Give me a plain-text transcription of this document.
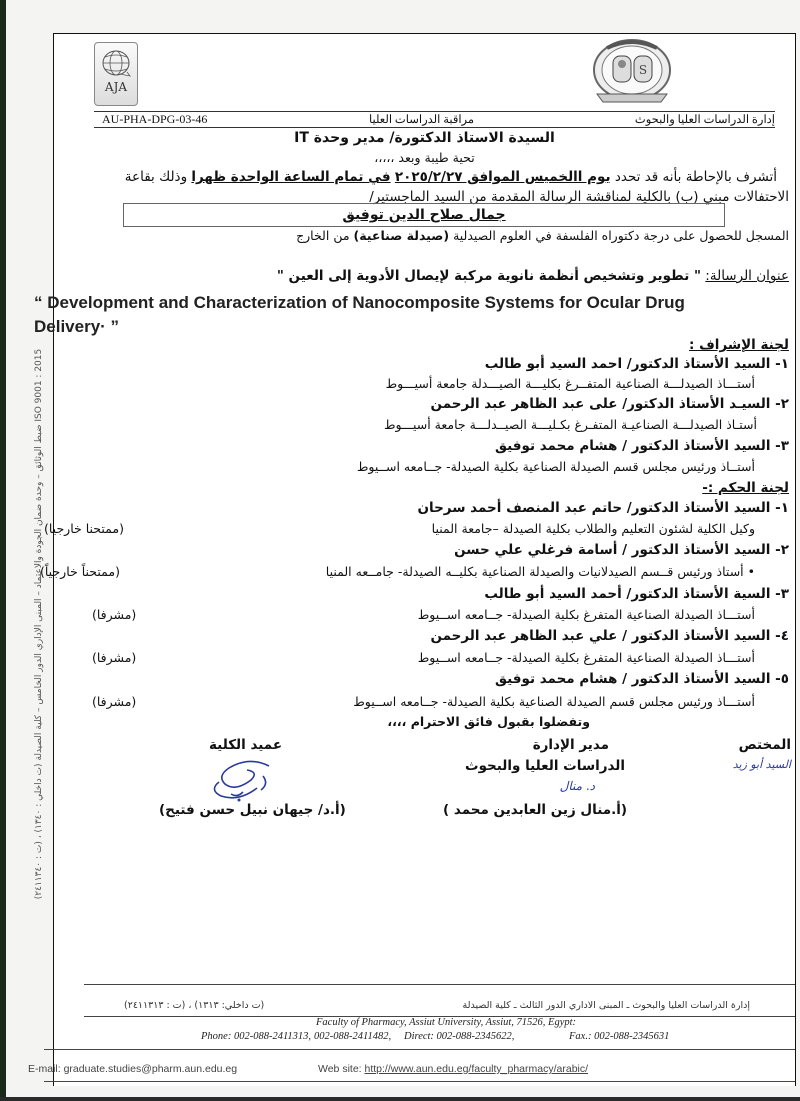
AJA
S
AU-PHA-DPG-03-46	مراقبة الدراسات العليا	إدارة الدراسات العليا والبحوث
السيدة الاستاذ الدكتورة/ مدير وحدة IT
تحية طيبة وبعد ،،،،،
أتشرف بالإحاطة بأنه قد تحدد يوم االخميس الموافق ٢٠٢٥/٢/٢٧ في تمام الساعة الواحدة ظهرا وذلك بقاعة
الاحتفالات مبني (ب) بالكلية لمناقشة الرسالة المقدمة من السيد الماجستير/
جمال صلاح الدين توفيق
المسجل للحصول على درجة دكتوراه الفلسفة في العلوم الصيدلية (صيدلة صناعية) من الخارج
عنوان الرسالة: " تطوير وتشخيص أنظمة نانوية مركبة لإيصال الأدوية إلى العين "
“ Development and Characterization of Nanocomposite Systems for Ocular Drug
Delivery· ”
لجنة الإشراف :
١- السيد الأستاذ الدكتور/ احمد السيد أبو طالب
أستـــاذ الصيدلـــة الصناعية المتفــرغ بكليـــة الصيـــدلة جامعة أسيـــوط
٢- السيـد الأستاذ الدكتور/ على عبد الظاهر عبد الرحمن
أستـاذ الصيدلـــة الصناعيـة المتفـرغ بكـليـــة الصيــدلـــة جامعة أسيـــوط
٣- السيد الأستاذ الدكتور / هشام محمد توفيق
أستــاذ ورئيس مجلس قسم الصيدلة الصناعية بكلية الصيدلة- جــامعه اســيوط
لجنة الحكم :-
١- السيد الأستاذ الدكتور/ حاتم عبد المنصف أحمد سرحان
وكيل الكلية لشئون التعليم والطلاب بكلية الصيدلة –جامعة المنيا
(ممتحنا خارجيا)
٢- السيد الأستاذ الدكتور / أسامة فرغلي علي حسن
• أستاذ ورئيس قــسم الصيدلانيات والصيدلة الصناعية بكليــه الصيدلة- جامــعه المنيا
(ممتحناً خارجياً)
٣- السية الأستاذ الدكتور/ أحمد السيد أبو طالب
أستـــاذ الصيدلة الصناعية المتفرغ بكلية الصيدلة- جــامعه اســيوط
(مشرفا)
٤- السيد الأستاذ الدكتور / علي عبد الظاهر عبد الرحمن
أستـــاذ الصيدلة الصناعية المتفرغ بكلية الصيدلة- جــامعه اســيوط
(مشرفا)
٥- السيد الأستاذ الدكتور / هشام محمد توفيق
أستـــاذ ورئيس مجلس قسم الصيدلة الصناعية بكلية الصيدلة- جــامعه اســيوط
(مشرفا)
وتفضلوا بقبول فائق الاحترام ،،،،
المختص
السيد أبو زيد
مدير الإدارة
الدراسات العليا والبحوث
د. منال
(أ.منال زين العابدين محمد )
عميد الكلية
(أ.د/ جيهان نبيل حسن فتيح)
إدارة الدراسات العليا والبحوث ـ المبنى الاداري الدور الثالث ـ كلية الصيدلة
(ت داخلي: ١٣١٣) ، (ت : ٢٤١١٣١٣)
Faculty of Pharmacy, Assiut University, Assiut, 71526, Egypt:
Phone: 002-088-2411313, 002-088-2411482, Direct: 002-088-2345622,	Fax.: 002-088-2345631
E-mail: graduate.studies@pharm.aun.edu.eg	Web site: http://www.aun.edu.eg/faculty_pharmacy/arabic/
ISO 9001 : 2015 ضبط الوثائق – وحدة ضمان الجودة والاعتماد – المبنى الإداري الدور الخامس – كلية الصيدلة (ت داخلي : ١٣٤٠) ، (ت : ٢٤١١٣٤٠)
